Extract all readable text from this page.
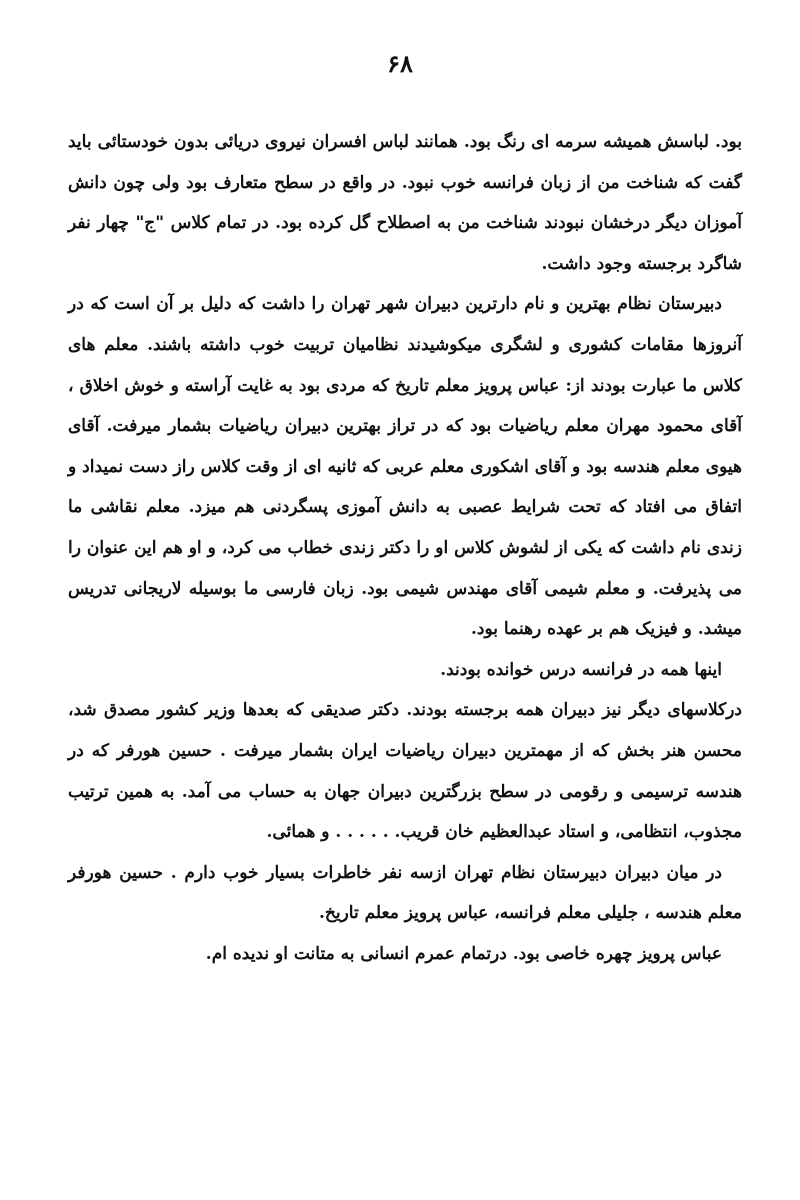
۶۸

بود. لباسش همیشه سرمه ای رنگ بود. همانند لباس افسران نیروی دریائی بدون خودستائی باید گفت که شناخت من از زبان فرانسه خوب نبود. در واقع در سطح متعارف بود ولی چون دانش آموزان دیگر درخشان نبودند شناخت من به اصطلاح گل کرده بود. در تمام کلاس "ج" چهار نفر شاگرد برجسته وجود داشت.

دبیرستان نظام بهترین و نام دارترین دبیران شهر تهران را داشت که دلیل بر آن است که در آنروزها مقامات کشوری و لشگری میکوشیدند نظامیان تربیت خوب داشته باشند. معلم های کلاس ما عبارت بودند از: عباس پرویز معلم تاریخ که مردی بود به غایت آراسته و خوش اخلاق ، آقای محمود مهران معلم ریاضیات بود که در تراز بهترین دبیران ریاضیات بشمار میرفت. آقای هیوی معلم هندسه بود و آقای اشکوری معلم عربی که ثانیه ای از وقت کلاس راز دست نمیداد و اتفاق می افتاد که تحت شرایط عصبی به دانش آموزی پسگردنی هم میزد. معلم نقاشی ما زندی نام داشت که یکی از لشوش کلاس او را دکتر زندی خطاب می کرد، و او هم این عنوان را می پذیرفت. و معلم شیمی آقای مهندس شیمی بود. زبان فارسی ما بوسیله لاریجانی تدریس میشد. و فیزیک هم بر عهده رهنما بود.

اینها همه در فرانسه درس خوانده بودند.

درکلاسهای دیگر نیز دبیران همه برجسته بودند. دکتر صدیقی که بعدها وزیر کشور مصدق شد، محسن هنر بخش که از مهمترین دبیران ریاضیات ایران بشمار میرفت . حسین هورفر که در هندسه ترسیمی و رقومی در سطح بزرگترین دبیران جهان به حساب می آمد. به همین ترتیب مجذوب، انتظامی، و استاد عبدالعظیم خان قریب. . . . . . و همائی.

در میان دبیران دبیرستان نظام تهران ازسه نفر خاطرات بسیار خوب دارم . حسین هورفر معلم هندسه ، جلیلی معلم فرانسه، عباس پرویز معلم تاریخ.

عباس پرویز چهره خاصی بود. درتمام عمرم انسانی به متانت او ندیده ام.
